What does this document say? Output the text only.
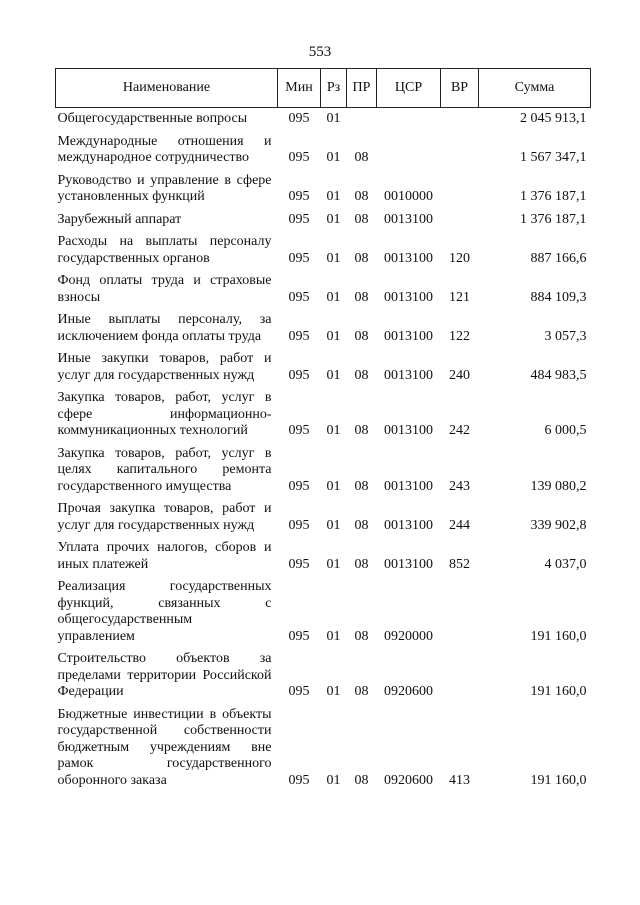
553
Наименование	Мин	Рз	ПР	ЦСР	ВР	Сумма
Общегосударственные вопросы	095	01				2 045 913,1
Международные отношения и международное сотрудничество	095	01	08			1 567 347,1
Руководство и управление в сфере установленных функций	095	01	08	0010000		1 376 187,1
Зарубежный аппарат	095	01	08	0013100		1 376 187,1
Расходы на выплаты персоналу государственных органов	095	01	08	0013100	120	887 166,6
Фонд оплаты труда и страховые взносы	095	01	08	0013100	121	884 109,3
Иные выплаты персоналу, за исключением фонда оплаты труда	095	01	08	0013100	122	3 057,3
Иные закупки товаров, работ и услуг для государственных нужд	095	01	08	0013100	240	484 983,5
Закупка товаров, работ, услуг в сфере информационно-коммуникационных технологий	095	01	08	0013100	242	6 000,5
Закупка товаров, работ, услуг в целях капитального ремонта государственного имущества	095	01	08	0013100	243	139 080,2
Прочая закупка товаров, работ и услуг для государственных нужд	095	01	08	0013100	244	339 902,8
Уплата прочих налогов, сборов и иных платежей	095	01	08	0013100	852	4 037,0
Реализация государственных функций, связанных с общегосударственным управлением	095	01	08	0920000		191 160,0
Строительство объектов за пределами территории Российской Федерации	095	01	08	0920600		191 160,0
Бюджетные инвестиции в объекты государственной собственности бюджетным учреждениям вне рамок государственного оборонного заказа	095	01	08	0920600	413	191 160,0
